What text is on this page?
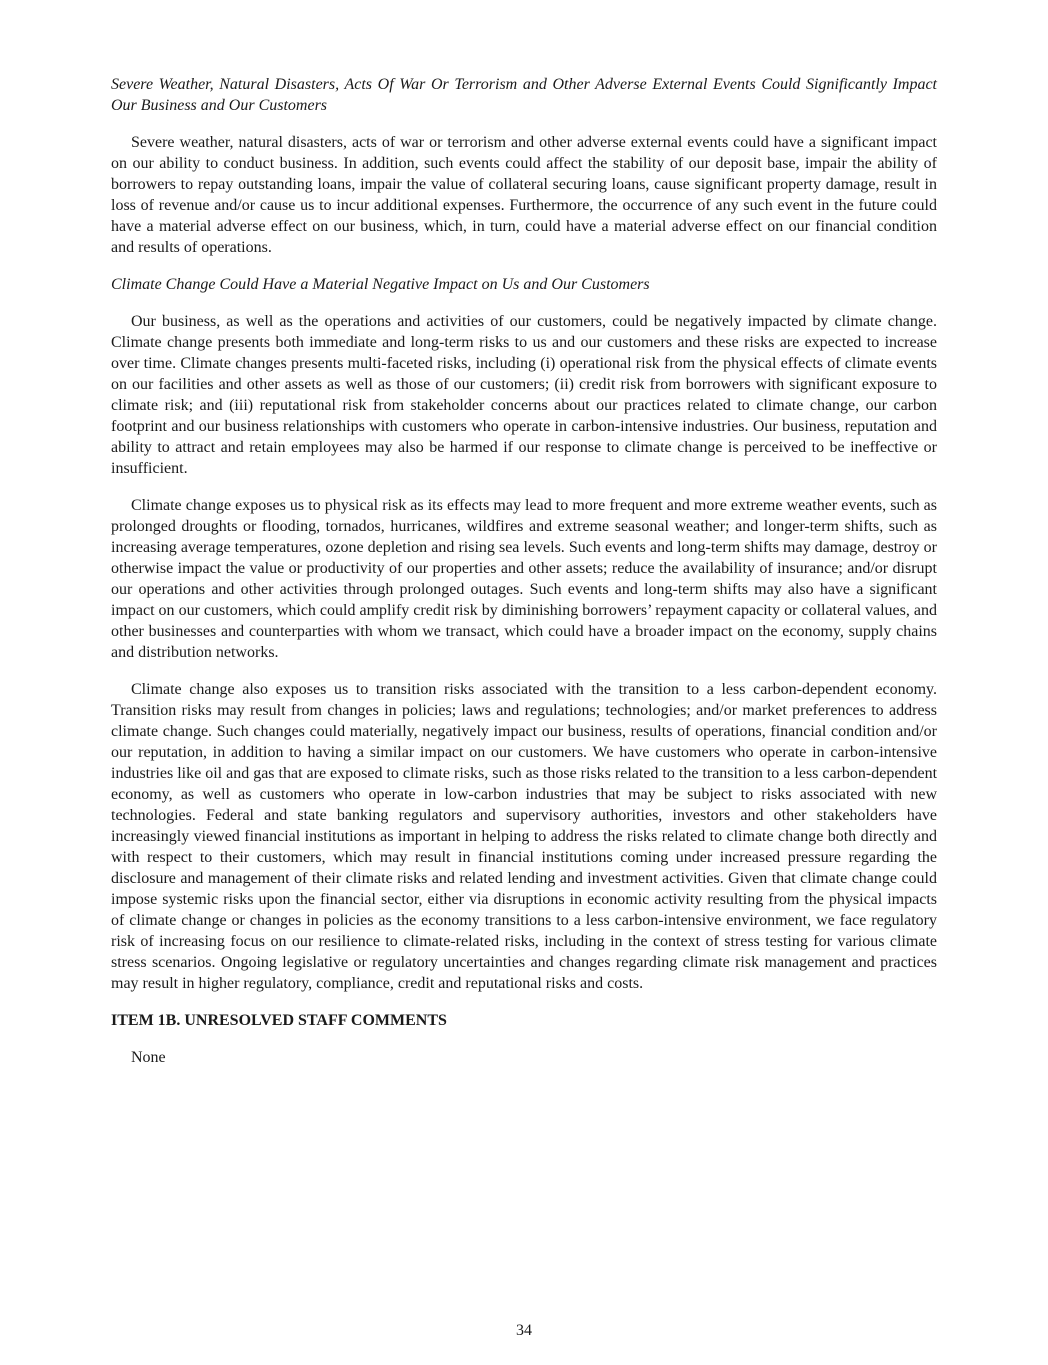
Severe Weather, Natural Disasters, Acts Of War Or Terrorism and Other Adverse External Events Could Significantly Impact Our Business and Our Customers

Severe weather, natural disasters, acts of war or terrorism and other adverse external events could have a significant impact on our ability to conduct business. In addition, such events could affect the stability of our deposit base, impair the ability of borrowers to repay outstanding loans, impair the value of collateral securing loans, cause significant property damage, result in loss of revenue and/or cause us to incur additional expenses. Furthermore, the occurrence of any such event in the future could have a material adverse effect on our business, which, in turn, could have a material adverse effect on our financial condition and results of operations.

Climate Change Could Have a Material Negative Impact on Us and Our Customers

Our business, as well as the operations and activities of our customers, could be negatively impacted by climate change. Climate change presents both immediate and long-term risks to us and our customers and these risks are expected to increase over time. Climate changes presents multi-faceted risks, including (i) operational risk from the physical effects of climate events on our facilities and other assets as well as those of our customers; (ii) credit risk from borrowers with significant exposure to climate risk; and (iii) reputational risk from stakeholder concerns about our practices related to climate change, our carbon footprint and our business relationships with customers who operate in carbon-intensive industries. Our business, reputation and ability to attract and retain employees may also be harmed if our response to climate change is perceived to be ineffective or insufficient.

Climate change exposes us to physical risk as its effects may lead to more frequent and more extreme weather events, such as prolonged droughts or flooding, tornados, hurricanes, wildfires and extreme seasonal weather; and longer-term shifts, such as increasing average temperatures, ozone depletion and rising sea levels. Such events and long-term shifts may damage, destroy or otherwise impact the value or productivity of our properties and other assets; reduce the availability of insurance; and/or disrupt our operations and other activities through prolonged outages. Such events and long-term shifts may also have a significant impact on our customers, which could amplify credit risk by diminishing borrowers’ repayment capacity or collateral values, and other businesses and counterparties with whom we transact, which could have a broader impact on the economy, supply chains and distribution networks.

Climate change also exposes us to transition risks associated with the transition to a less carbon-dependent economy. Transition risks may result from changes in policies; laws and regulations; technologies; and/or market preferences to address climate change. Such changes could materially, negatively impact our business, results of operations, financial condition and/or our reputation, in addition to having a similar impact on our customers. We have customers who operate in carbon-intensive industries like oil and gas that are exposed to climate risks, such as those risks related to the transition to a less carbon-dependent economy, as well as customers who operate in low-carbon industries that may be subject to risks associated with new technologies. Federal and state banking regulators and supervisory authorities, investors and other stakeholders have increasingly viewed financial institutions as important in helping to address the risks related to climate change both directly and with respect to their customers, which may result in financial institutions coming under increased pressure regarding the disclosure and management of their climate risks and related lending and investment activities. Given that climate change could impose systemic risks upon the financial sector, either via disruptions in economic activity resulting from the physical impacts of climate change or changes in policies as the economy transitions to a less carbon-intensive environment, we face regulatory risk of increasing focus on our resilience to climate-related risks, including in the context of stress testing for various climate stress scenarios. Ongoing legislative or regulatory uncertainties and changes regarding climate risk management and practices may result in higher regulatory, compliance, credit and reputational risks and costs.

ITEM 1B. UNRESOLVED STAFF COMMENTS

None

34
